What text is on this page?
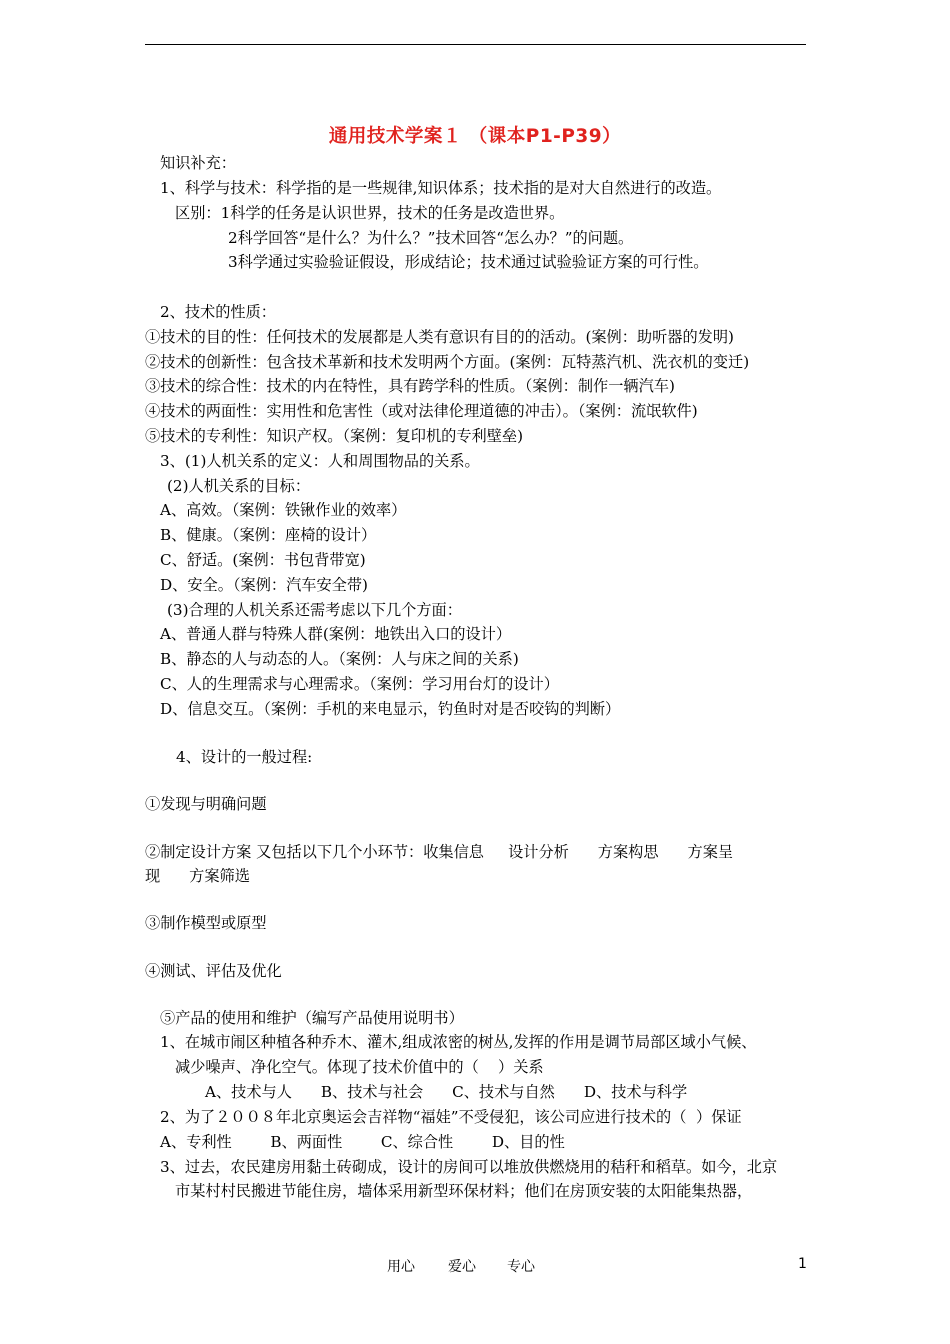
通用技术学案１ （课本P1-P39）
知识补充：
1、科学与技术：科学指的是一些规律,知识体系；技术指的是对大自然进行的改造。
区别：1科学的任务是认识世界，技术的任务是改造世界。
2科学回答“是什么？为什么？”技术回答“怎么办？”的问题。
3科学通过实验验证假设，形成结论；技术通过试验验证方案的可行性。
2、技术的性质：
①技术的目的性：任何技术的发展都是人类有意识有目的的活动。(案例：助听器的发明)
②技术的创新性：包含技术革新和技术发明两个方面。(案例：瓦特蒸汽机、洗衣机的变迁)
③技术的综合性：技术的内在特性，具有跨学科的性质。（案例：制作一辆汽车)
④技术的两面性：实用性和危害性（或对法律伦理道德的冲击）。（案例：流氓软件)
⑤技术的专利性：知识产权。（案例：复印机的专利壁垒)
3、(1)人机关系的定义：人和周围物品的关系。
(2)人机关系的目标：
A、高效。（案例：铁锹作业的效率）
B、健康。（案例：座椅的设计）
C、舒适。(案例：书包背带宽)
D、安全。（案例：汽车安全带)
(3)合理的人机关系还需考虑以下几个方面：
A、普通人群与特殊人群(案例：地铁出入口的设计）
B、静态的人与动态的人。（案例：人与床之间的关系)
C、人的生理需求与心理需求。（案例：学习用台灯的设计）
D、信息交互。（案例：手机的来电显示，钓鱼时对是否咬钩的判断）
4、设计的一般过程:
①发现与明确问题
②制定设计方案 又包括以下几个小环节：收集信息     设计分析      方案构思      方案呈
现      方案筛选
③制作模型或原型
④测试、评估及优化
⑤产品的使用和维护（编写产品使用说明书）
1、在城市闹区种植各种乔木、灌木,组成浓密的树丛,发挥的作用是调节局部区域小气候、
减少噪声、净化空气。体现了技术价值中的（    ）关系
A、技术与人      B、技术与社会      C、技术与自然      D、技术与科学
2、为了２００８年北京奥运会吉祥物“福娃”不受侵犯，该公司应进行技术的（  ）保证
A、专利性        B、两面性        C、综合性        D、目的性
3、过去，农民建房用黏土砖砌成，设计的房间可以堆放供燃烧用的秸秆和稻草。如今，北京
市某村村民搬进节能住房，墙体采用新型环保材料；他们在房顶安装的太阳能集热器，
用心 爱心 专心	1
